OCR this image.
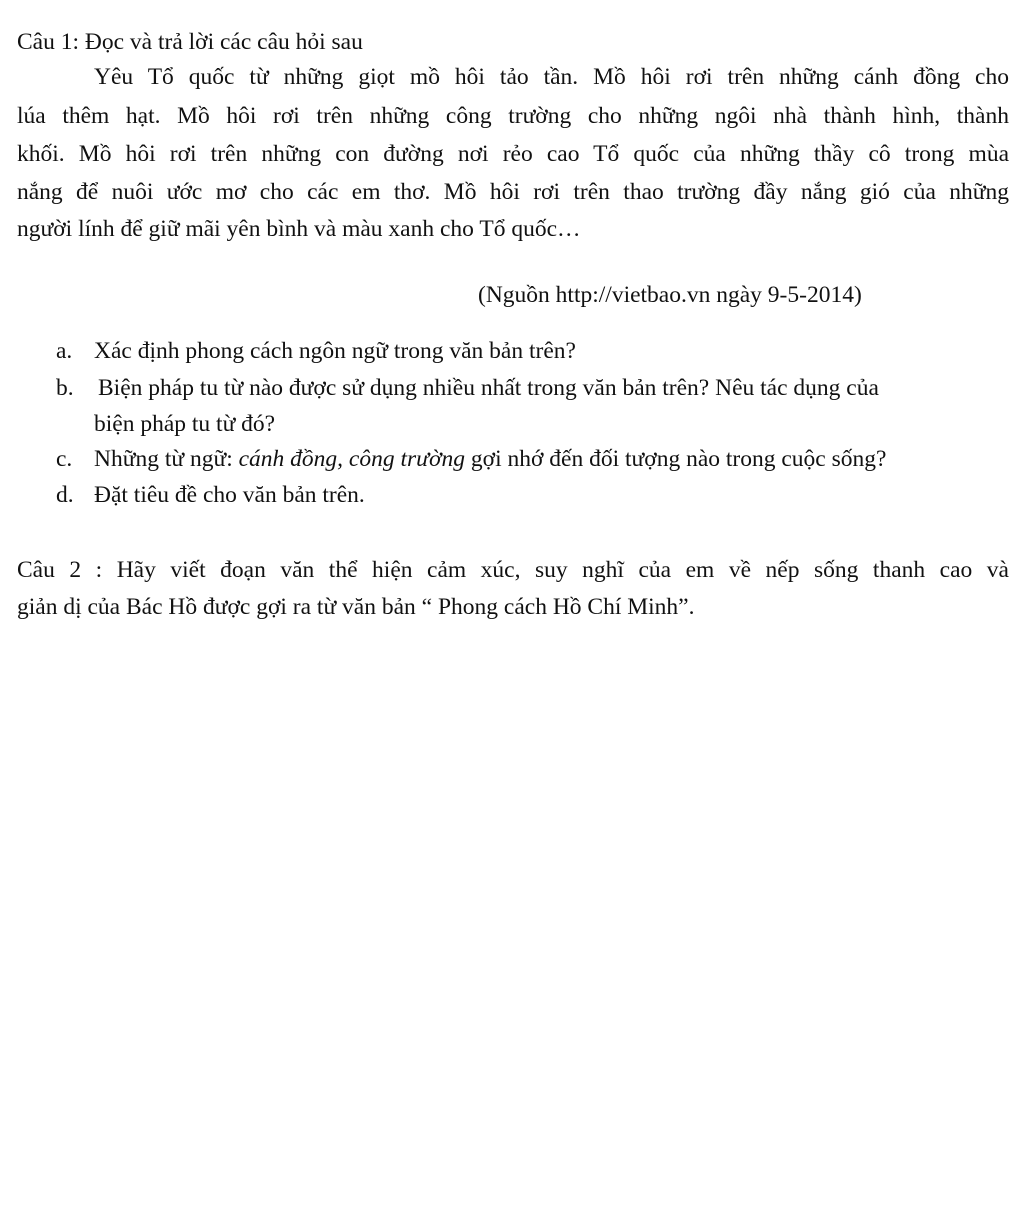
Câu 1: Đọc và trả lời các câu hỏi sau
Yêu Tổ quốc từ những giọt mồ hôi tảo tần. Mồ hôi rơi trên những cánh đồng cho
lúa thêm hạt. Mồ hôi rơi trên những công trường cho những ngôi nhà thành hình, thành
khối. Mồ hôi rơi trên những con đường nơi rẻo cao Tổ quốc của những thầy cô trong mùa
nắng để nuôi ước mơ cho các em thơ. Mồ hôi rơi trên thao trường đầy nắng gió của những
người lính để giữ mãi yên bình và màu xanh cho Tổ quốc…
(Nguồn http://vietbao.vn ngày 9-5-2014)
a. Xác định phong cách ngôn ngữ trong văn bản trên?
b. Biện pháp tu từ nào được sử dụng nhiều nhất trong văn bản trên? Nêu tác dụng của
biện pháp tu từ đó?
c. Những từ ngữ: cánh đồng, công trường gợi nhớ đến đối tượng nào trong cuộc sống?
d. Đặt tiêu đề cho văn bản trên.
Câu 2 : Hãy viết đoạn văn thể hiện cảm xúc, suy nghĩ của em về nếp sống thanh cao và
giản dị của Bác Hồ được gợi ra từ văn bản “ Phong cách Hồ Chí Minh”.
